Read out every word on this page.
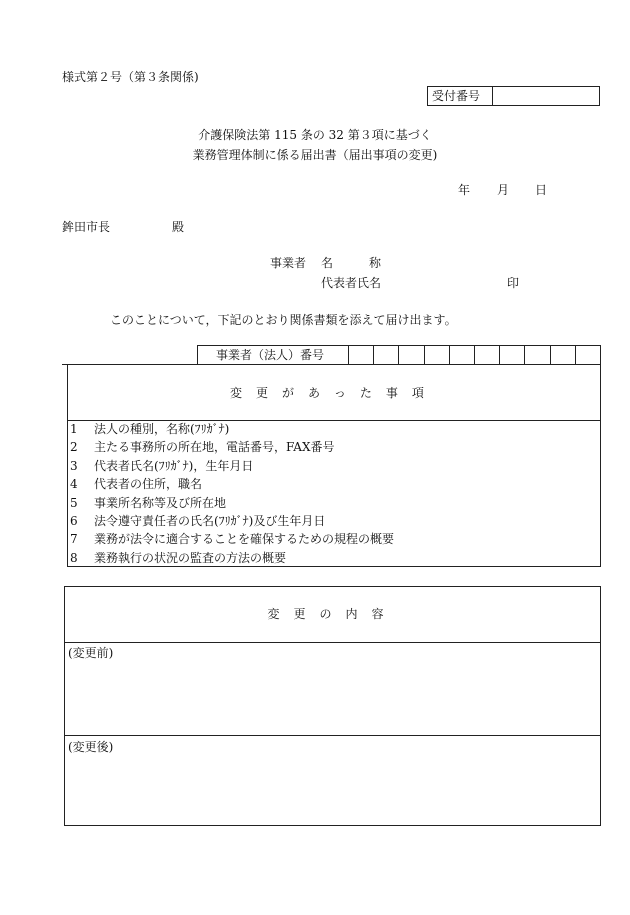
様式第２号（第３条関係)
受付番号
介護保険法第 115 条の 32 第３項に基づく
業務管理体制に係る届出書（届出事項の変更)
年 月 日
鉾田市長	殿
事業者 名　　　称
代表者氏名	印
このことについて，下記のとおり関係書類を添えて届け出ます。
事業者（法人）番号
変更があった事項
1 法人の種別，名称(ﾌﾘｶﾞﾅ)
2 主たる事務所の所在地，電話番号，FAX番号
3 代表者氏名(ﾌﾘｶﾞﾅ)，生年月日
4 代表者の住所，職名
5 事業所名称等及び所在地
6 法令遵守責任者の氏名(ﾌﾘｶﾞﾅ)及び生年月日
7 業務が法令に適合することを確保するための規程の概要
8 業務執行の状況の監査の方法の概要
変更の内容
(変更前)
(変更後)
